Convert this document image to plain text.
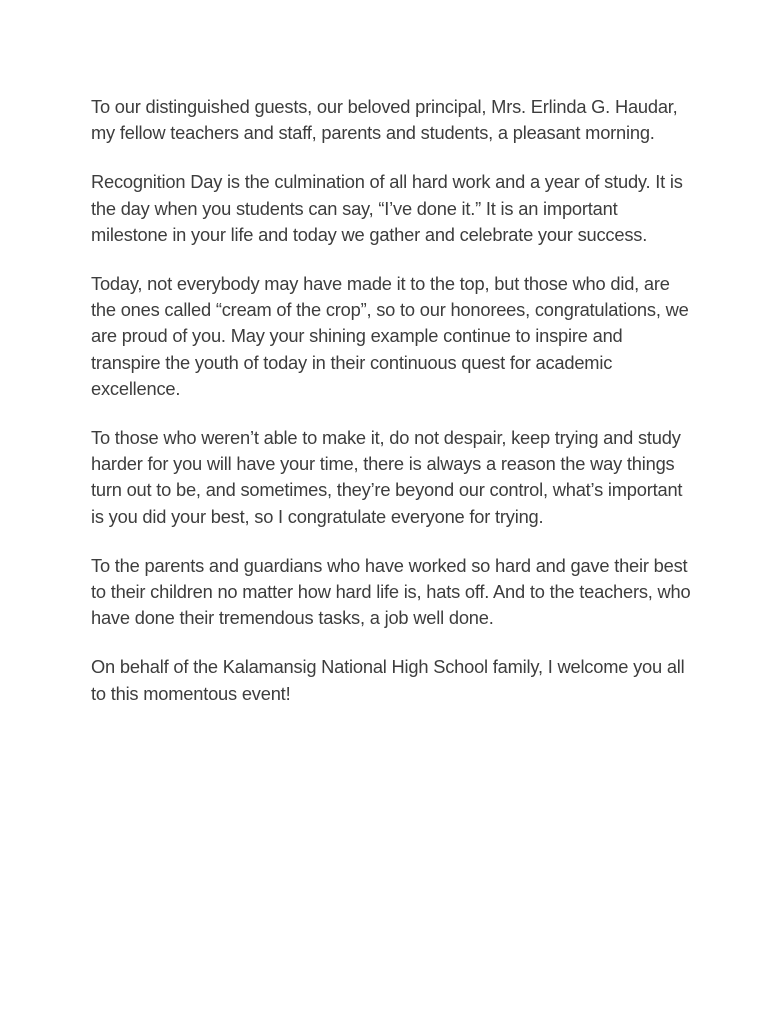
To our distinguished guests, our beloved principal, Mrs. Erlinda G. Haudar, my fellow teachers and staff, parents and students, a pleasant morning.

Recognition Day is the culmination of all hard work and a year of study. It is the day when you students can say, “I’ve done it.” It is an important milestone in your life and today we gather and celebrate your success.

Today, not everybody may have made it to the top, but those who did, are the ones called “cream of the crop”, so to our honorees, congratulations, we are proud of you. May your shining example continue to inspire and transpire the youth of today in their continuous quest for academic excellence.

To those who weren’t able to make it, do not despair, keep trying and study harder for you will have your time, there is always a reason the way things turn out to be, and sometimes, they’re beyond our control, what’s important is you did your best, so I congratulate everyone for trying.

To the parents and guardians who have worked so hard and gave their best to their children no matter how hard life is, hats off. And to the teachers, who have done their tremendous tasks, a job well done.

On behalf of the Kalamansig National High School family, I welcome you all to this momentous event!
